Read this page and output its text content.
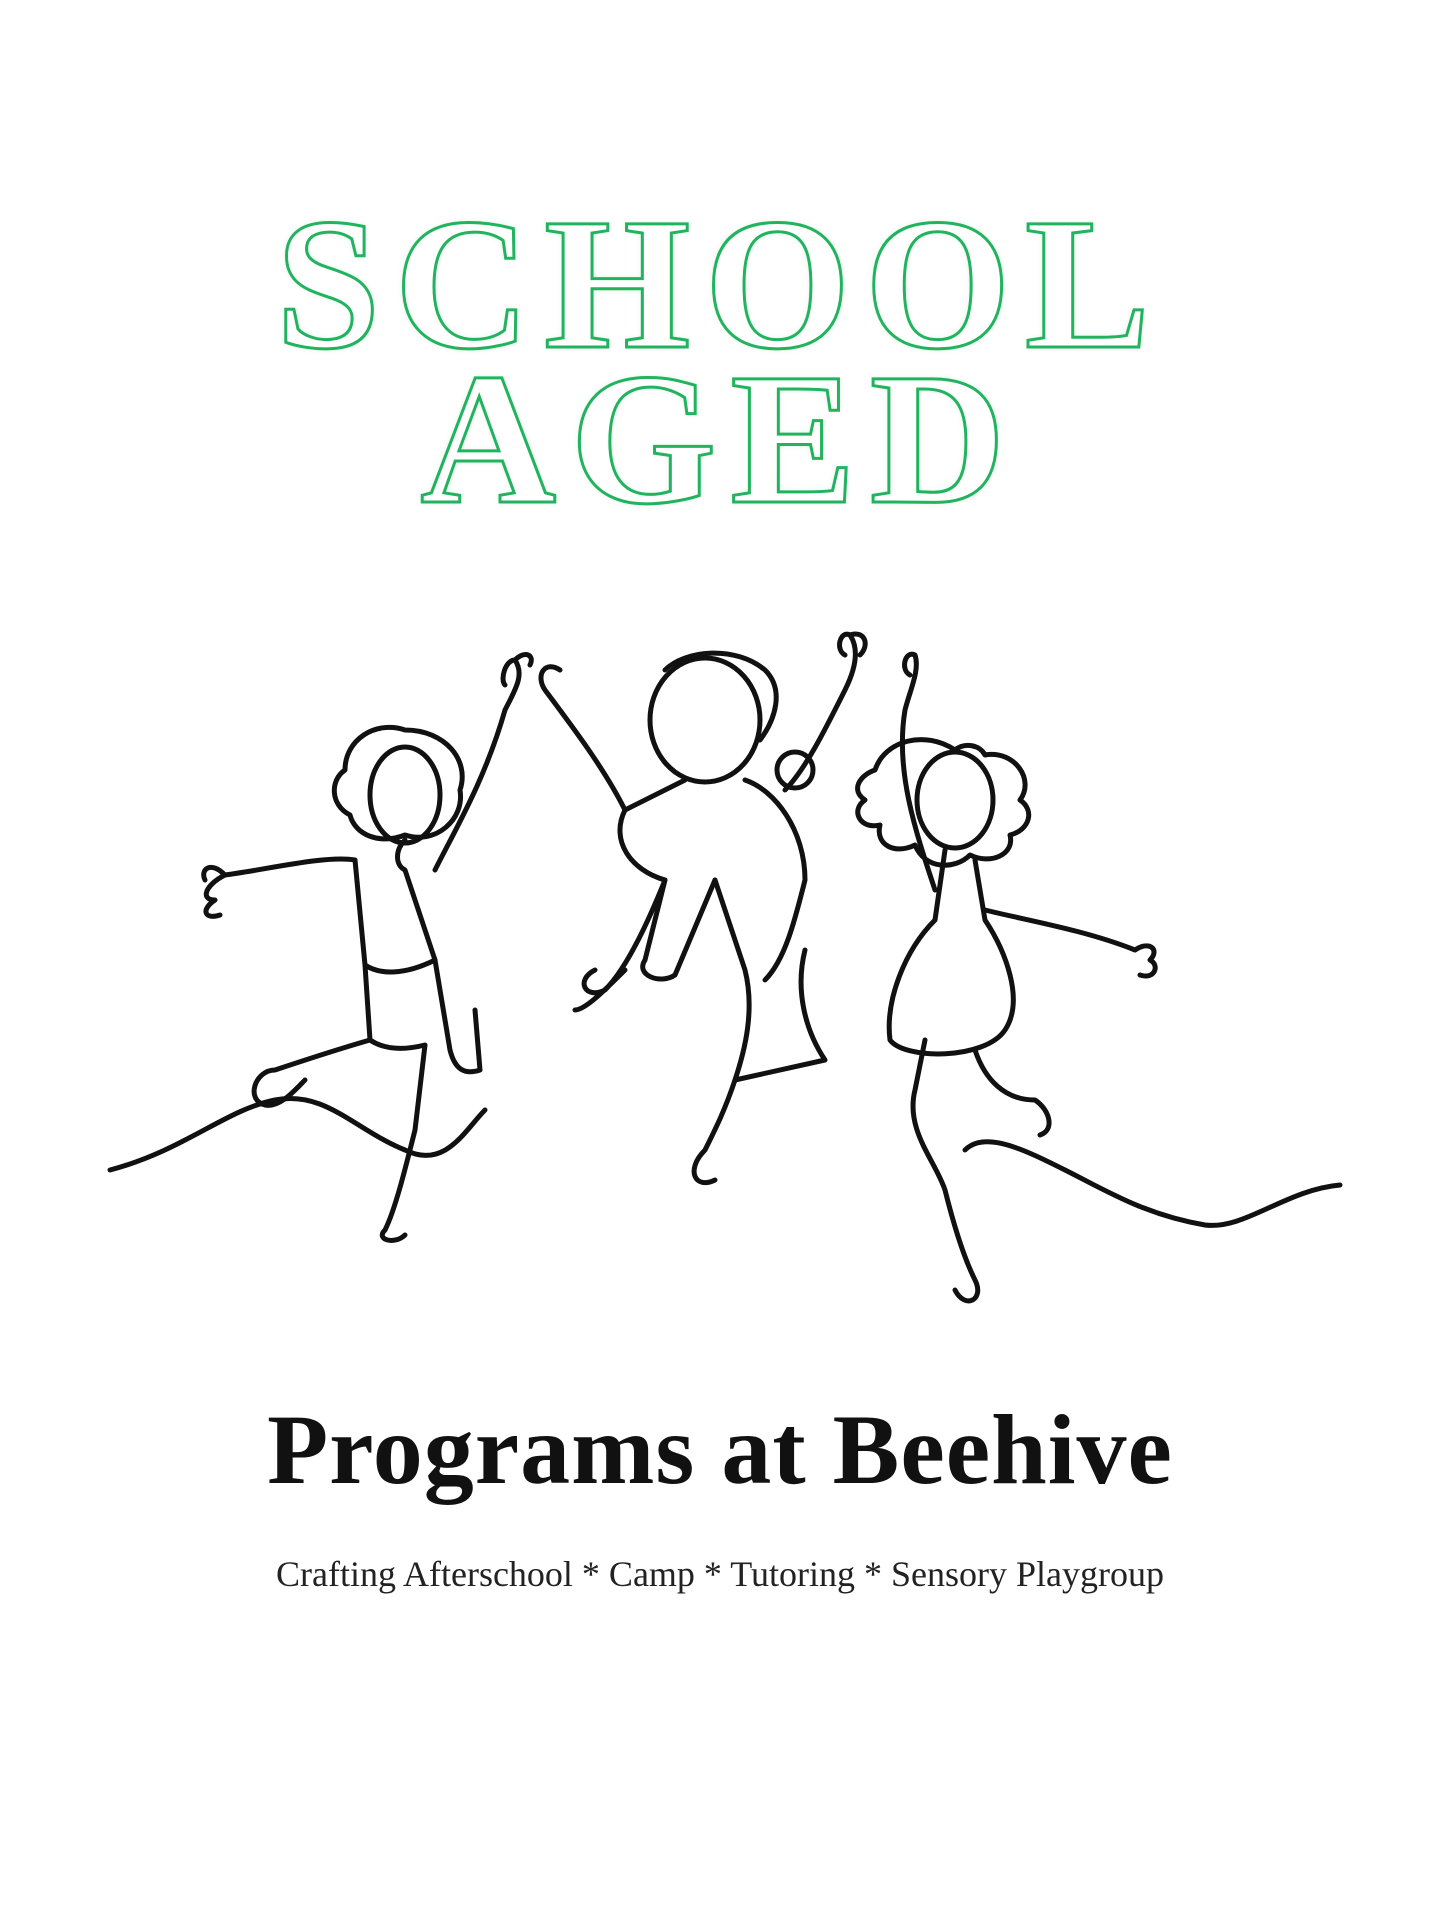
SCHOOL
AGED
Programs at Beehive

Crafting Afterschool * Camp * Tutoring * Sensory Playgroup
